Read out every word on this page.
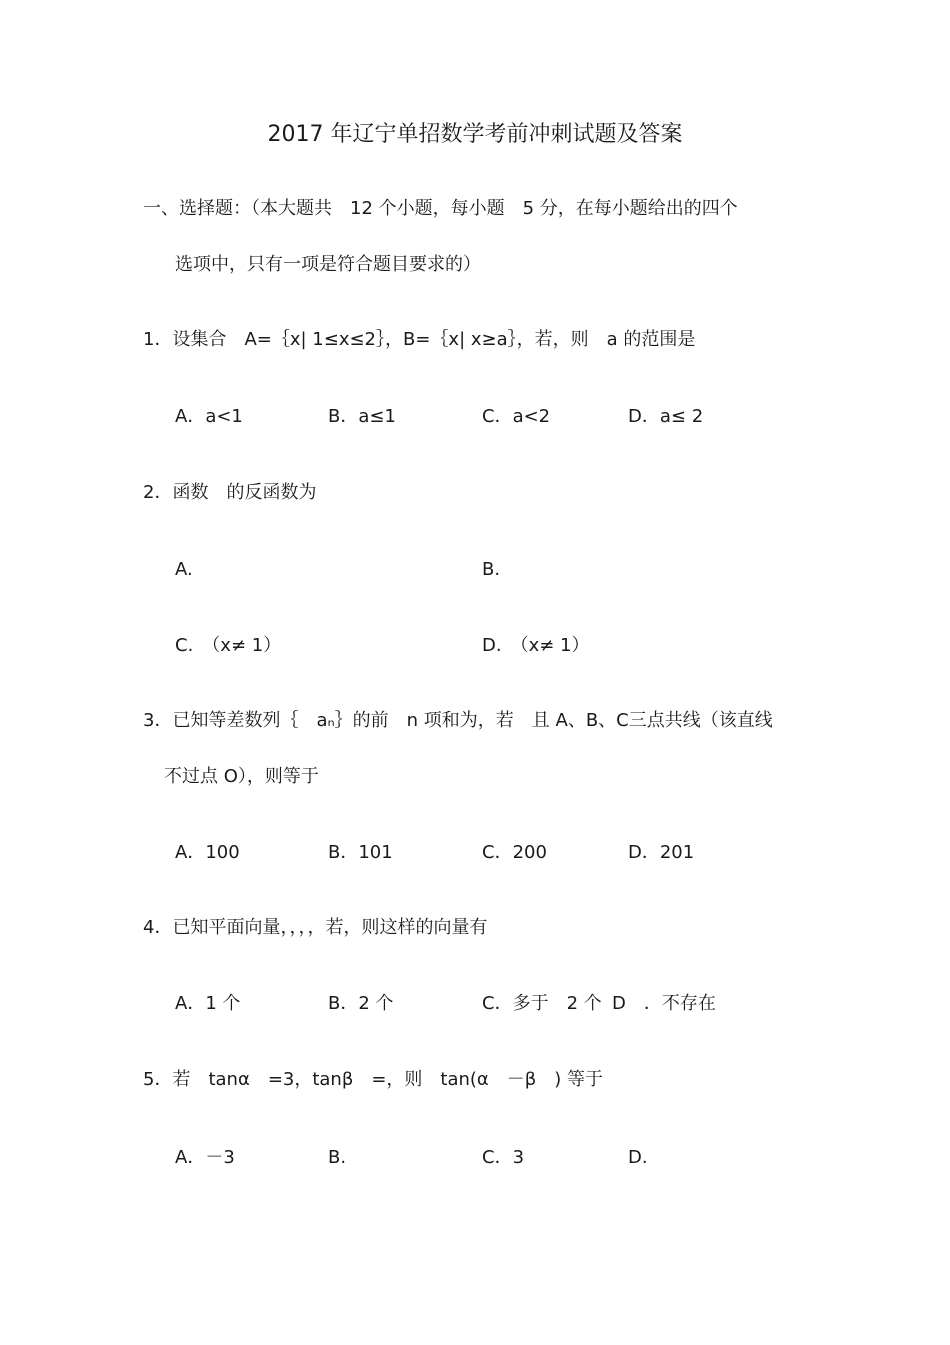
2017 年辽宁单招数学考前冲刺试题及答案
一、选择题：（本大题共　12 个小题，每小题　5 分，在每小题给出的四个
选项中，只有一项是符合题目要求的）
1．设集合　A=｛x| 1≤x≤2｝，B=｛x| x≥a｝，若，则　a 的范围是
A．a<1	B．a≤1	C．a<2	D．a≤ 2
2．函数　的反函数为
A.	B.
C.　（x≠ 1）	D.　（x≠ 1）
3．已知等差数列｛　aₙ｝的前　n 项和为，若　且 A、B、C三点共线（该直线
不过点 O），则等于
A．100	B．101	C．200	D．201
4．已知平面向量，，，，若，则这样的向量有
A．1 个	B．2 个	C．多于　2 个 D　．不存在
5．若　tanα　=3，tanβ　=，则　tan(α　－β　) 等于
A．－3	B.	C．3	D.
